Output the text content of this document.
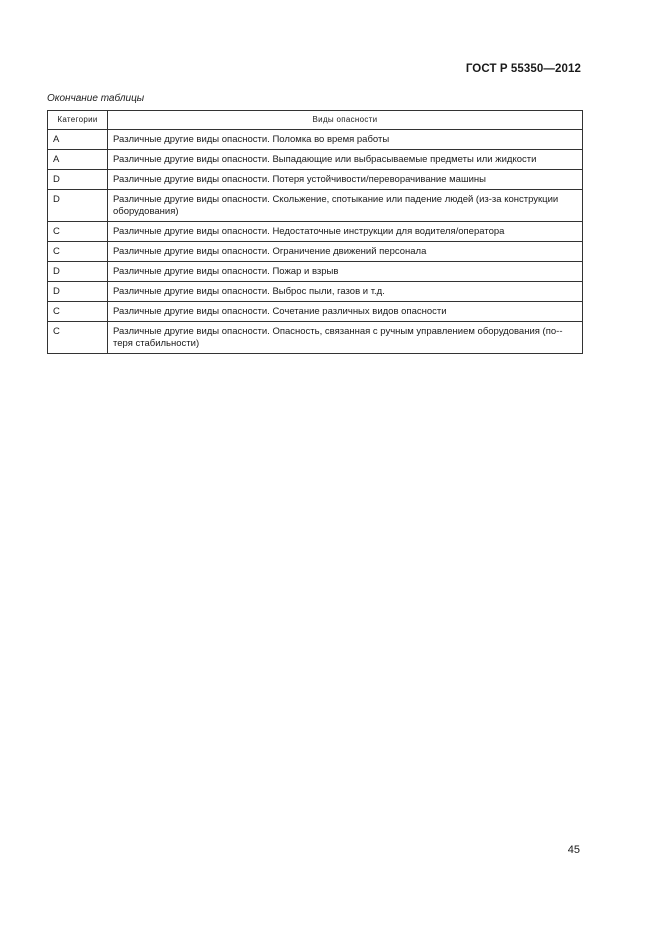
ГОСТ Р 55350—2012
Окончание таблицы
Категории	Виды опасности
A	Различные другие виды опасности. Поломка во время работы
A	Различные другие виды опасности. Выпадающие или выбрасываемые предметы или жидкости
D	Различные другие виды опасности. Потеря устойчивости/переворачивание машины
D	Различные другие виды опасности. Скольжение, спотыкание или падение людей (из-за конструкции оборудования)
C	Различные другие виды опасности. Недостаточные инструкции для водителя/оператора
C	Различные другие виды опасности. Ограничение движений персонала
D	Различные другие виды опасности. Пожар и взрыв
D	Различные другие виды опасности. Выброс пыли, газов и т.д.
C	Различные другие виды опасности. Сочетание различных видов опасности
C	Различные другие виды опасности. Опасность, связанная с ручным управлением оборудования (по-теря стабильности)
45
